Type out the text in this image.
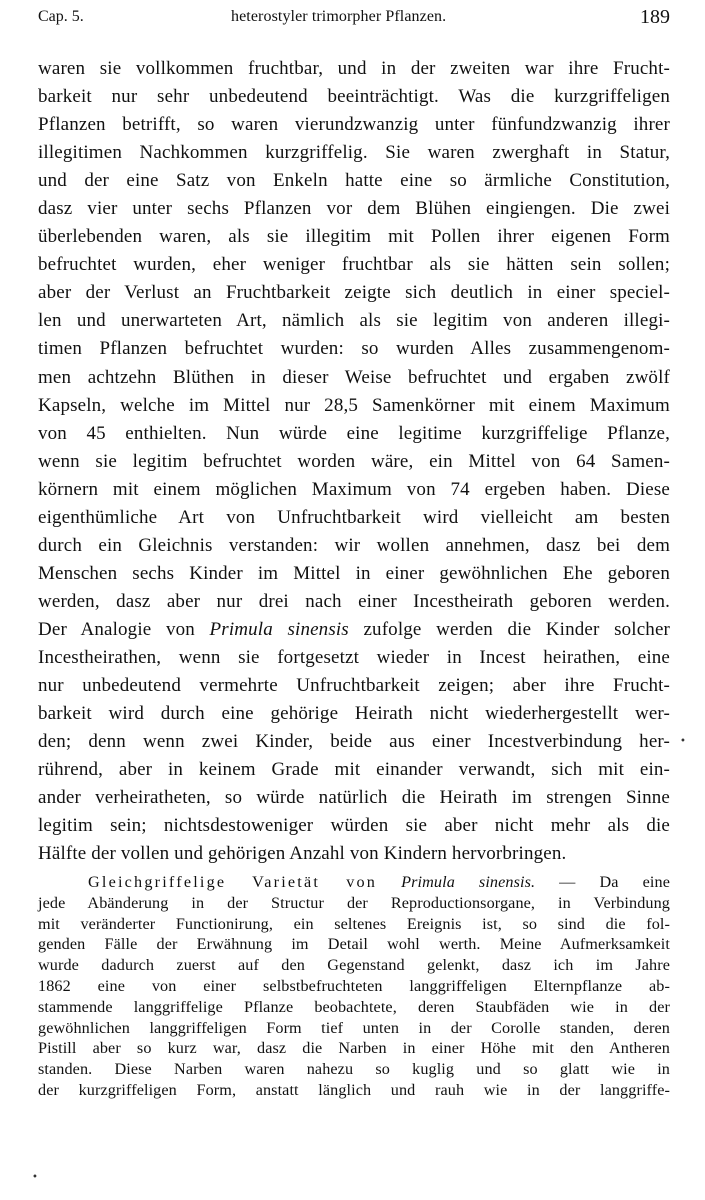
Cap. 5.	heterostyler trimorpher Pflanzen.	189
waren sie vollkommen fruchtbar, und in der zweiten war ihre Frucht-
barkeit nur sehr unbedeutend beeinträchtigt. Was die kurzgriffeligen
Pflanzen betrifft, so waren vierundzwanzig unter fünfundzwanzig ihrer
illegitimen Nachkommen kurzgriffelig. Sie waren zwerghaft in Statur,
und der eine Satz von Enkeln hatte eine so ärmliche Constitution,
dasz vier unter sechs Pflanzen vor dem Blühen eingiengen. Die zwei
überlebenden waren, als sie illegitim mit Pollen ihrer eigenen Form
befruchtet wurden, eher weniger fruchtbar als sie hätten sein sollen;
aber der Verlust an Fruchtbarkeit zeigte sich deutlich in einer speciel-
len und unerwarteten Art, nämlich als sie legitim von anderen illegi-
timen Pflanzen befruchtet wurden: so wurden Alles zusammengenom-
men achtzehn Blüthen in dieser Weise befruchtet und ergaben zwölf
Kapseln, welche im Mittel nur 28,5 Samenkörner mit einem Maximum
von 45 enthielten. Nun würde eine legitime kurzgriffelige Pflanze,
wenn sie legitim befruchtet worden wäre, ein Mittel von 64 Samen-
körnern mit einem möglichen Maximum von 74 ergeben haben. Diese
eigenthümliche Art von Unfruchtbarkeit wird vielleicht am besten
durch ein Gleichnis verstanden: wir wollen annehmen, dasz bei dem
Menschen sechs Kinder im Mittel in einer gewöhnlichen Ehe geboren
werden, dasz aber nur drei nach einer Incestheirath geboren werden.
Der Analogie von Primula sinensis zufolge werden die Kinder solcher
Incestheirathen, wenn sie fortgesetzt wieder in Incest heirathen, eine
nur unbedeutend vermehrte Unfruchtbarkeit zeigen; aber ihre Frucht-
barkeit wird durch eine gehörige Heirath nicht wiederhergestellt wer-
den; denn wenn zwei Kinder, beide aus einer Incestverbindung her-
rührend, aber in keinem Grade mit einander verwandt, sich mit ein-
ander verheiratheten, so würde natürlich die Heirath im strengen Sinne
legitim sein; nichtsdestoweniger würden sie aber nicht mehr als die
Hälfte der vollen und gehörigen Anzahl von Kindern hervorbringen.
Gleichgriffelige Varietät von Primula sinensis. — Da eine
jede Abänderung in der Structur der Reproductionsorgane, in Verbindung
mit veränderter Functionirung, ein seltenes Ereignis ist, so sind die fol-
genden Fälle der Erwähnung im Detail wohl werth. Meine Aufmerksamkeit
wurde dadurch zuerst auf den Gegenstand gelenkt, dasz ich im Jahre
1862 eine von einer selbstbefruchteten langgriffeligen Elternpflanze ab-
stammende langgriffelige Pflanze beobachtete, deren Staubfäden wie in der
gewöhnlichen langgriffeligen Form tief unten in der Corolle standen, deren
Pistill aber so kurz war, dasz die Narben in einer Höhe mit den Antheren
standen. Diese Narben waren nahezu so kuglig und so glatt wie in
der kurzgriffeligen Form, anstatt länglich und rauh wie in der langgriffe-
•
•
